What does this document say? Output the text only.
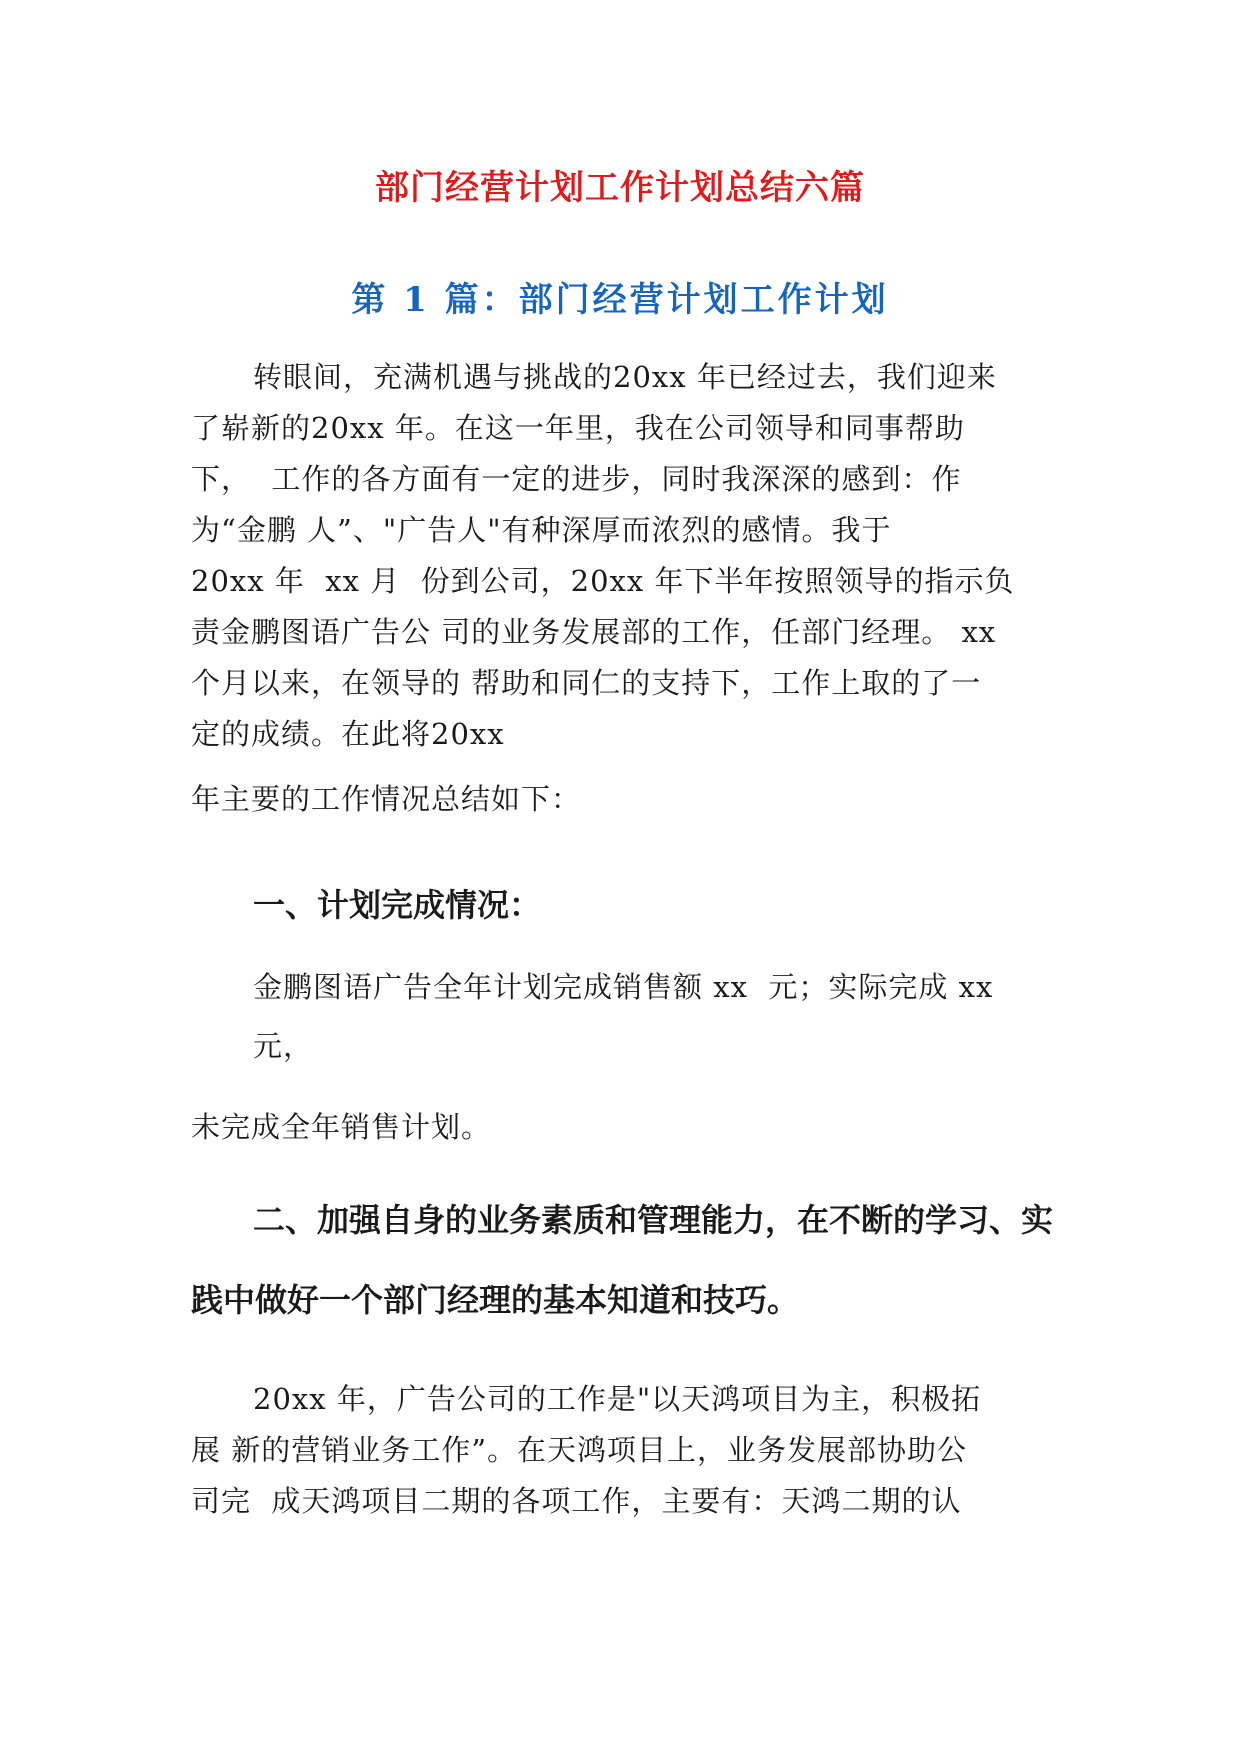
部门经营计划工作计划总结六篇
第 1 篇：部门经营计划工作计划
转眼间，充满机遇与挑战的20xx 年已经过去，我们迎来
了崭新的20xx 年。在这一年里，我在公司领导和同事帮助
下，  工作的各方面有一定的进步，同时我深深的感到：作
为“金鹏 人”、"广告人"有种深厚而浓烈的感情。我于
20xx 年  xx 月  份到公司，20xx 年下半年按照领导的指示负
责金鹏图语广告公 司的业务发展部的工作，任部门经理。 xx
个月以来，在领导的 帮助和同仁的支持下，工作上取的了一
定的成绩。在此将20xx
年主要的工作情况总结如下：
一、计划完成情况：
金鹏图语广告全年计划完成销售额 xx  元；实际完成 xx
元，
未完成全年销售计划。
二、加强自身的业务素质和管理能力，在不断的学习、实
践中做好一个部门经理的基本知道和技巧。
20xx 年，广告公司的工作是"以天鸿项目为主，积极拓
展 新的营销业务工作”。在天鸿项目上，业务发展部协助公
司完  成天鸿项目二期的各项工作，主要有：天鸿二期的认
